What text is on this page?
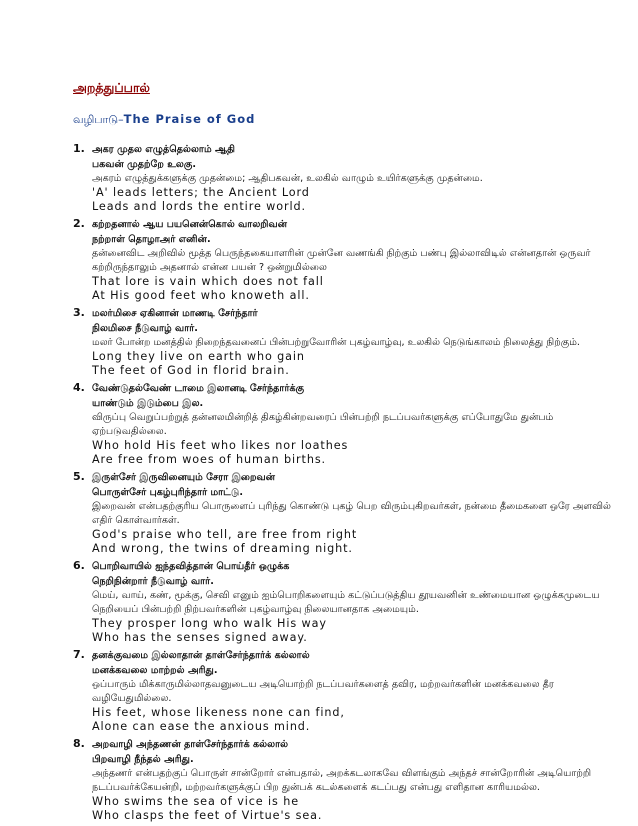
அறத்துப்பால்
வழிபாடு–The Praise of God
1. அகர முதல எழுத்தெல்லாம் ஆதி
பகவன் முதற்றே உலகு.
அகரம் எழுத்துக்களுக்கு முதன்மை; ஆதிபகவன், உலகில் வாழும் உயிர்களுக்கு முதன்மை.
'A' leads letters; the Ancient Lord
Leads and lords the entire world.
2. கற்றதனால் ஆய பயனென்கொல் வாலறிவன்
நற்றாள் தொழாஅர் எனின்.
தன்னைவிட அறிவில் மூத்த பெருந்தகையாளரின் முன்னே வணங்கி நிற்கும் பண்பு இல்லாவிடில் என்னதான் ஒருவர் கற்றிருந்தாலும் அதனால் என்ன பயன் ? ஒன்றுமில்லை
That lore is vain which does not fall
At His good feet who knoweth all.
3. மலர்மிசை ஏகினான் மாணடி சேர்ந்தார்
நிலமிசை நீடுவாழ் வார்.
மலர் போன்ற மனத்தில் நிறைந்தவனைப் பின்பற்றுவோரின் புகழ்வாழ்வு, உலகில் நெடுங்காலம் நிலைத்து நிற்கும்.
Long they live on earth who gain
The feet of God in florid brain.
4. வேண்டுதல்வேண் டாமை இலானடி சேர்ந்தார்க்கு
யாண்டும் இடும்பை இல.
விருப்பு வெறுப்பற்றுத் தன்னலமின்றித் திகழ்கின்றவரைப் பின்பற்றி நடப்பவர்களுக்கு எப்போதுமே துன்பம் ஏற்படுவதில்லை.
Who hold His feet who likes nor loathes
Are free from woes of human births.
5. இருள்சேர் இருவினையும் சேரா இறைவன்
பொருள்சேர் புகழ்புரிந்தார் மாட்டு.
இறைவன் என்பதற்குரிய பொருளைப் புரிந்து கொண்டு புகழ் பெற விரும்புகிறவர்கள், நன்மை தீமைகளை ஒரே அளவில் எதிர் கொள்வார்கள்.
God's praise who tell, are free from right
And wrong, the twins of dreaming night.
6. பொறிவாயில் ஐந்தவித்தான் பொய்தீர் ஒழுக்க
நெறிநின்றார் நீடுவாழ் வார்.
மெய், வாய், கண், மூக்கு, செவி எனும் ஐம்பொறிகளையும் கட்டுப்படுத்திய தூயவனின் உண்மையான ஒழுக்கமுடைய நெறியைப் பின்பற்றி நிற்பவர்களின் புகழ்வாழ்வு நிலையானதாக அமையும்.
They prosper long who walk His way
Who has the senses signed away.
7. தனக்குவமை இல்லாதான் தாள்சேர்ந்தார்க் கல்லால்
மனக்கவலை மாற்றல் அரிது.
ஒப்பாரும் மிக்காருமில்லாதவனுடைய அடியொற்றி நடப்பவர்களைத் தவிர, மற்றவர்களின் மனக்கவலை தீர வழியேதுமில்லை.
His feet, whose likeness none can find,
Alone can ease the anxious mind.
8. அறவாழி அந்தணன் தாள்சேர்ந்தார்க் கல்லால்
பிறவாழி நீந்தல் அரிது.
அந்தணர் என்பதற்குப் பொருள் சான்றோர் என்பதால், அறக்கடலாகவே விளங்கும் அந்தச் சான்றோரின் அடியொற்றி நடப்பவர்க்கேயன்றி, மற்றவர்களுக்குப் பிற துன்பக் கடல்களைக் கடப்பது என்பது எளிதான காரியமல்ல.
Who swims the sea of vice is he
Who clasps the feet of Virtue's sea.
